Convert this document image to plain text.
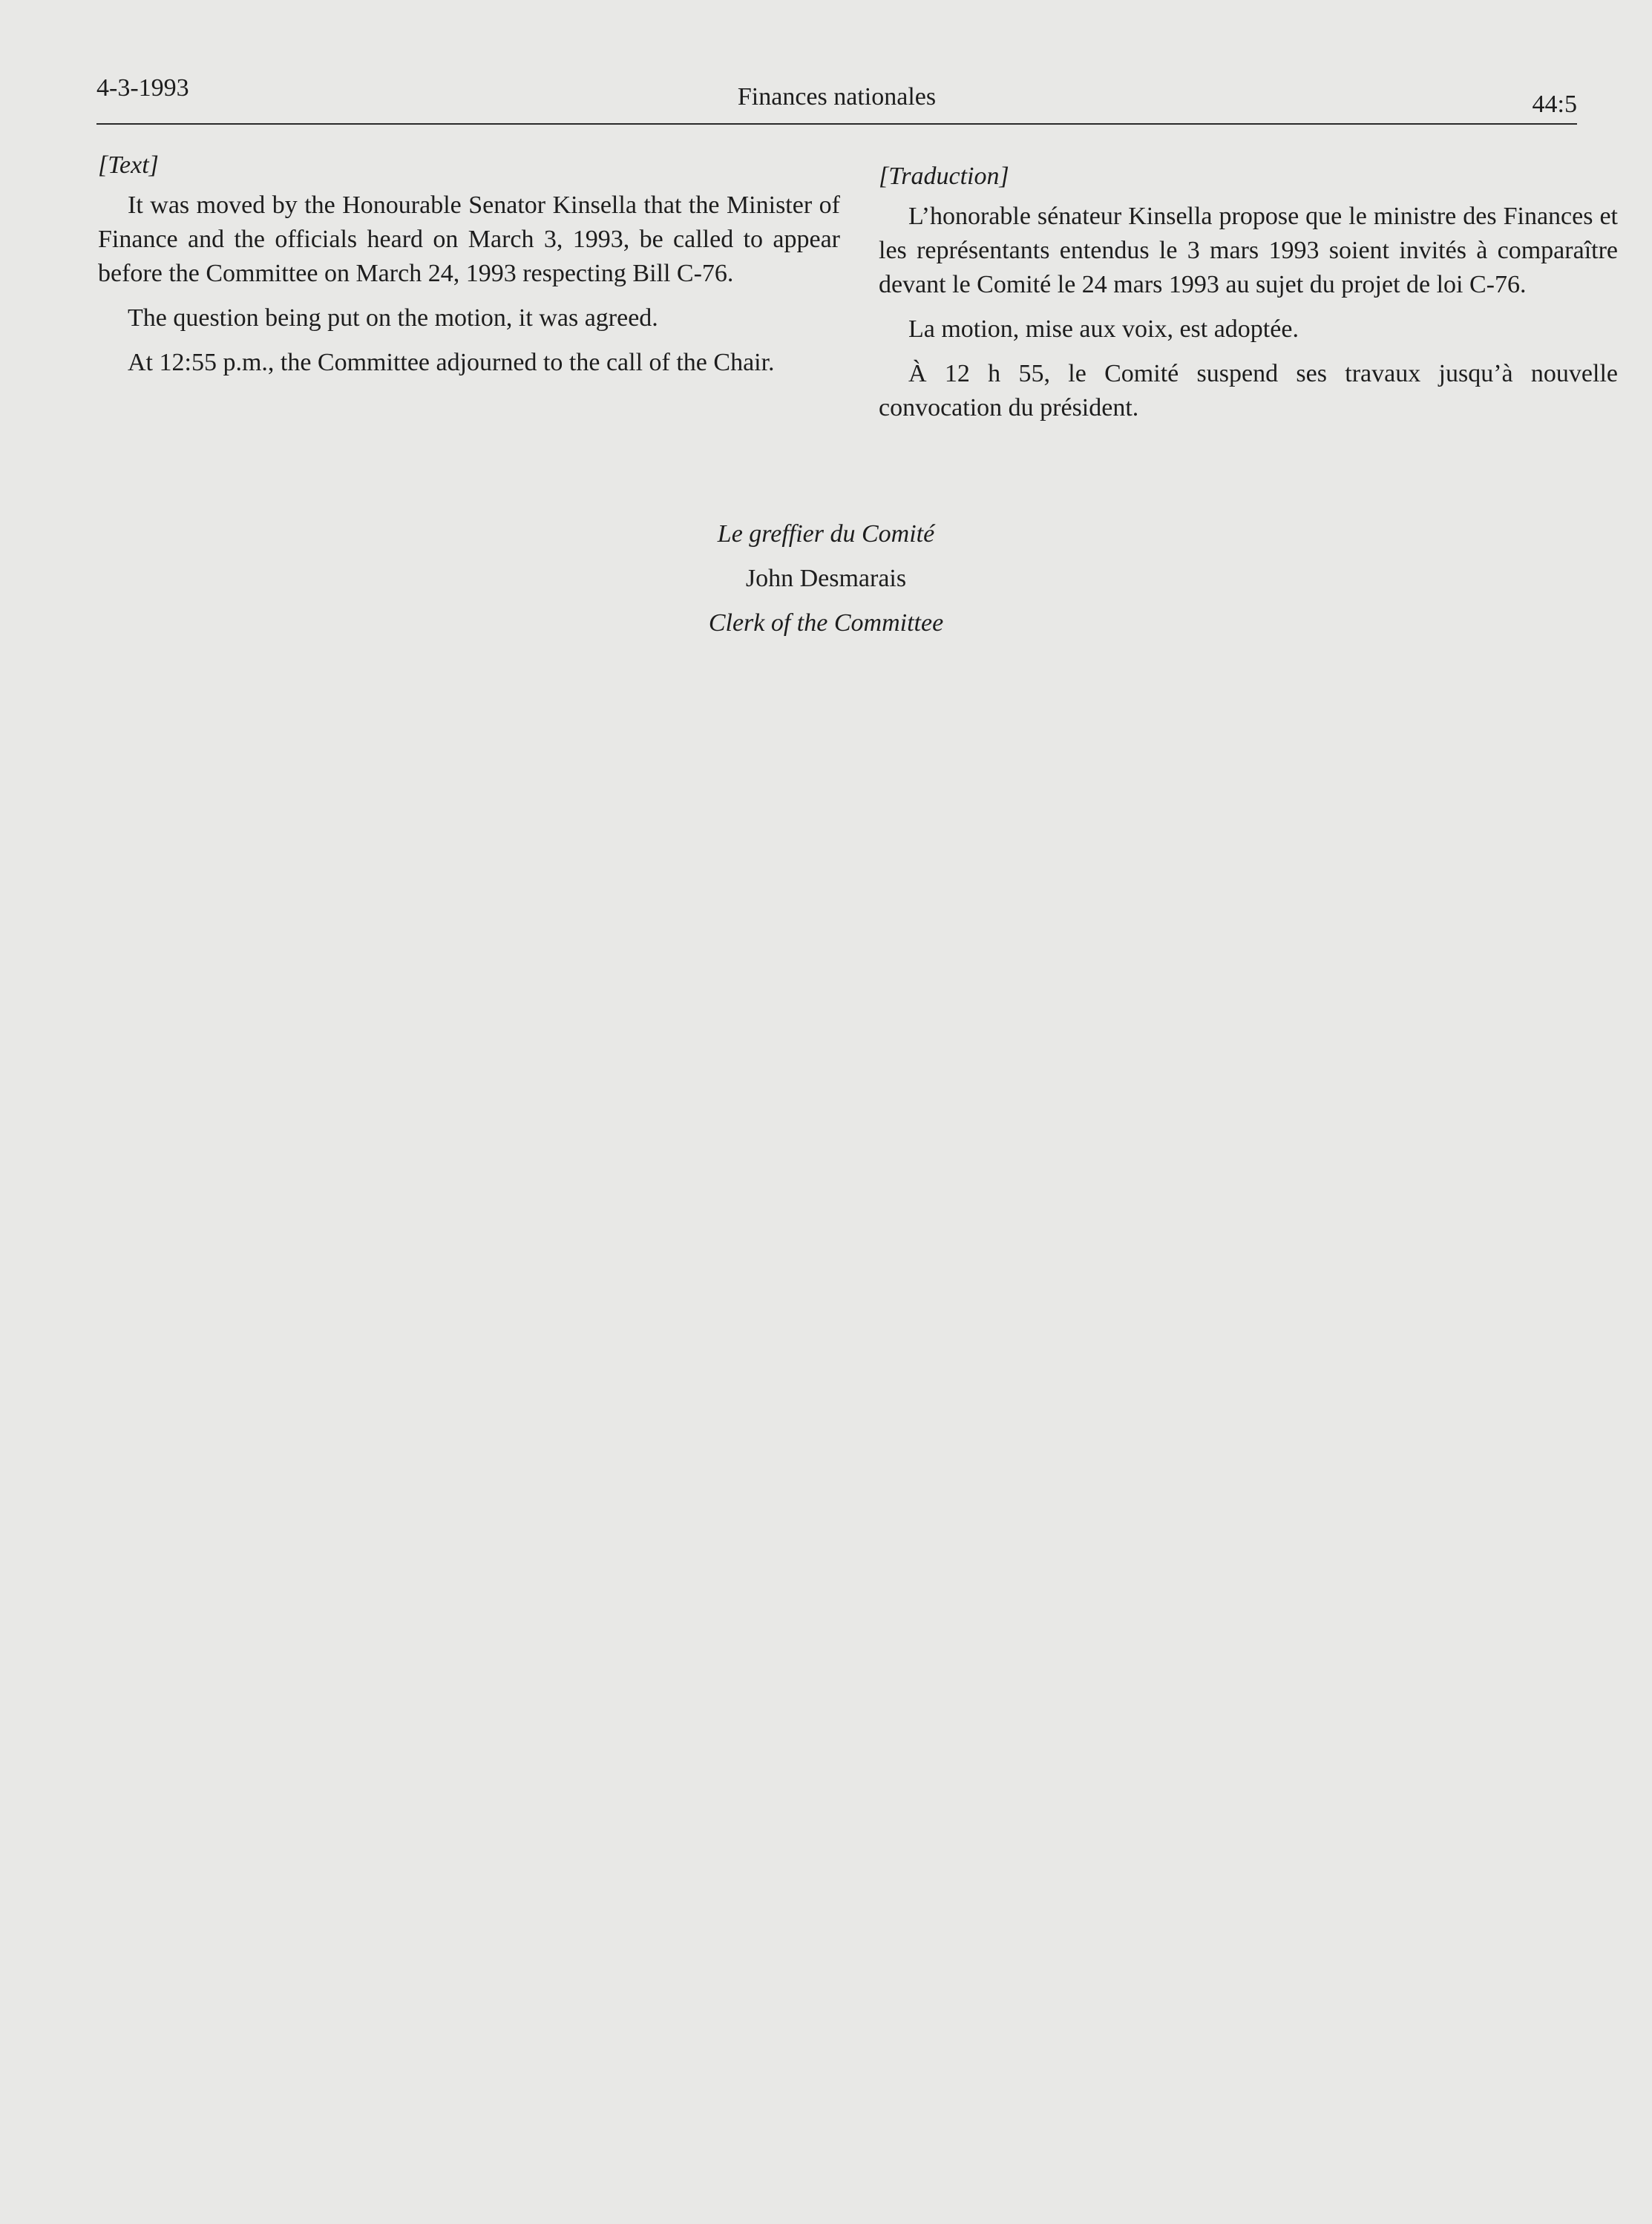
4-3-1993	Finances nationales	44:5
[Text]

It was moved by the Honourable Senator Kinsella that the Minister of Finance and the officials heard on March 3, 1993, be called to appear before the Committee on March 24, 1993 respecting Bill C-76.

The question being put on the motion, it was agreed.

At 12:55 p.m., the Committee adjourned to the call of the Chair.

[Traduction]

L’honorable sénateur Kinsella propose que le ministre des Finances et les représentants entendus le 3 mars 1993 soient invités à comparaître devant le Comité le 24 mars 1993 au sujet du projet de loi C-76.

La motion, mise aux voix, est adoptée.

À 12 h 55, le Comité suspend ses travaux jusqu’à nouvelle convocation du président.

Le greffier du Comité
John Desmarais
Clerk of the Committee
